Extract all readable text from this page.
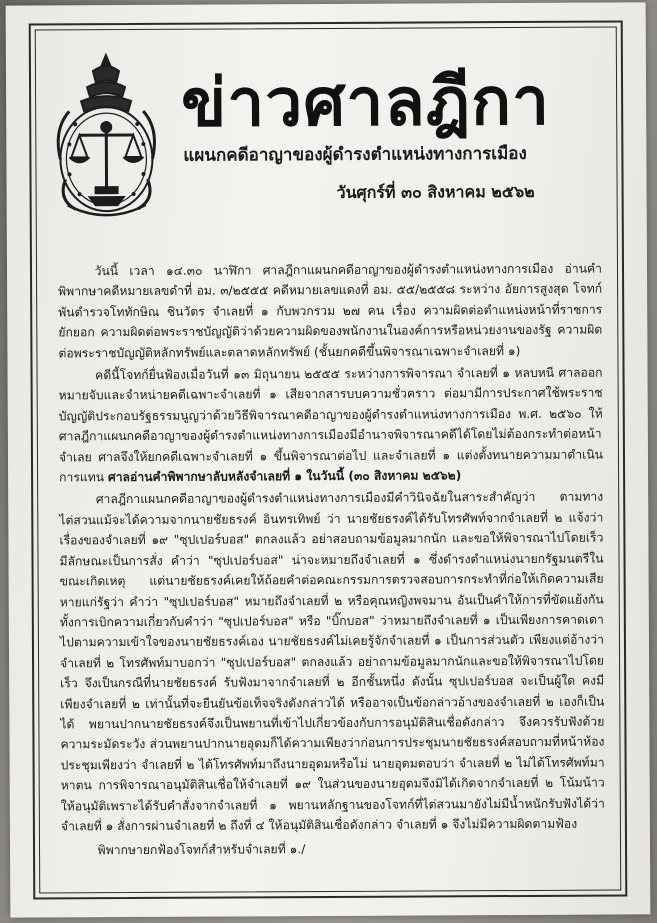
ข่าวศาลฎีกา
แผนกคดีอาญาของผู้ดำรงตำแหน่งทางการเมือง
วันศุกร์ที่ ๓๐ สิงหาคม ๒๕๖๒

วันนี้ เวลา ๑๔.๓๐ นาฬิกา ศาลฎีกาแผนกคดีอาญาของผู้ดำรงตำแหน่งทางการเมือง อ่านคำพิพากษาคดีหมายเลขดำที่ อม. ๓/๒๕๕๕ คดีหมายเลขแดงที่ อม. ๕๕/๒๕๕๘ ระหว่าง อัยการสูงสุด โจทก์ พันตำรวจโททักษิณ ชินวัตร จำเลยที่ ๑ กับพวกรวม ๒๗ คน เรื่อง ความผิดต่อตำแหน่งหน้าที่ราชการ ยักยอก ความผิดต่อพระราชบัญญัติว่าด้วยความผิดของพนักงานในองค์การหรือหน่วยงานของรัฐ ความผิดต่อพระราชบัญญัติหลักทรัพย์และตลาดหลักทรัพย์ (ชั้นยกคดีขึ้นพิจารณาเฉพาะจำเลยที่ ๑)

คดีนี้โจทก์ยื่นฟ้องเมื่อวันที่ ๑๓ มิถุนายน ๒๕๕๕ ระหว่างการพิจารณา จำเลยที่ ๑ หลบหนี ศาลออกหมายจับและจำหน่ายคดีเฉพาะจำเลยที่ ๑ เสียจากสารบบความชั่วคราว ต่อมามีการประกาศใช้พระราชบัญญัติประกอบรัฐธรรมนูญว่าด้วยวิธีพิจารณาคดีอาญาของผู้ดำรงตำแหน่งทางการเมือง พ.ศ. ๒๕๖๐ ให้ศาลฎีกาแผนกคดีอาญาของผู้ดำรงตำแหน่งทางการเมืองมีอำนาจพิจารณาคดีได้โดยไม่ต้องกระทำต่อหน้าจำเลย ศาลจึงให้ยกคดีเฉพาะจำเลยที่ ๑ ขึ้นพิจารณาต่อไป และจำเลยที่ ๑ แต่งตั้งทนายความมาดำเนินการแทน ศาลอ่านคำพิพากษาลับหลังจำเลยที่ ๑ ในวันนี้ (๓๐ สิงหาคม ๒๕๖๒)

ศาลฎีกาแผนกคดีอาญาของผู้ดำรงตำแหน่งทางการเมืองมีคำวินิจฉัยในสาระสำคัญว่า ตามทางไต่สวนแม้จะได้ความจากนายชัยธรงค์ อินทรเทิพย์ ว่า นายชัยธรงค์ได้รับโทรศัพท์จากจำเลยที่ ๒ แจ้งว่า เรื่องของจำเลยที่ ๑๙ "ซุปเปอร์บอส" ตกลงแล้ว อย่าสอบถามข้อมูลมากนัก และขอให้พิจารณาไปโดยเร็ว มีลักษณะเป็นการสั่ง คำว่า "ซุปเปอร์บอส" น่าจะหมายถึงจำเลยที่ ๑ ซึ่งดำรงตำแหน่งนายกรัฐมนตรีในขณะเกิดเหตุ แต่นายชัยธรงค์เคยให้ถ้อยคำต่อคณะกรรมการตรวจสอบการกระทำที่ก่อให้เกิดความเสียหายแก่รัฐว่า คำว่า "ซุปเปอร์บอส" หมายถึงจำเลยที่ ๒ หรือคุณหญิงพจมาน อันเป็นคำให้การที่ขัดแย้งกัน ทั้งการเบิกความเกี่ยวกับคำว่า "ซุปเปอร์บอส" หรือ "บิ๊กบอส" ว่าหมายถึงจำเลยที่ ๑ เป็นเพียงการคาดเดาไปตามความเข้าใจของนายชัยธรงค์เอง นายชัยธรงค์ไม่เคยรู้จักจำเลยที่ ๑ เป็นการส่วนตัว เพียงแต่อ้างว่าจำเลยที่ ๒ โทรศัพท์มาบอกว่า "ซุปเปอร์บอส" ตกลงแล้ว อย่าถามข้อมูลมากนักและขอให้พิจารณาไปโดยเร็ว จึงเป็นกรณีที่นายชัยธรงค์ รับฟังมาจากจำเลยที่ ๒ อีกชั้นหนึ่ง ดังนั้น ซุปเปอร์บอส จะเป็นผู้ใด คงมีเพียงจำเลยที่ ๒ เท่านั้นที่จะยืนยันข้อเท็จจริงดังกล่าวได้ หรืออาจเป็นข้อกล่าวอ้างของจำเลยที่ ๒ เองก็เป็นได้ พยานปากนายชัยธรงค์จึงเป็นพยานที่เข้าไปเกี่ยวข้องกับการอนุมัติสินเชื่อดังกล่าว จึงควรรับฟังด้วยความระมัดระวัง ส่วนพยานปากนายอุดมก็ได้ความเพียงว่าก่อนการประชุมนายชัยธรงค์สอบถามที่หน้าห้องประชุมเพียงว่า จำเลยที่ ๒ ได้โทรศัพท์มาถึงนายอุดมหรือไม่ นายอุดมตอบว่า จำเลยที่ ๒ ไม่ได้โทรศัพท์มาหาตน การพิจารณาอนุมัติสินเชื่อให้จำเลยที่ ๑๙ ในส่วนของนายอุดมจึงมิได้เกิดจากจำเลยที่ ๒ โน้มน้าวให้อนุมัติเพราะได้รับคำสั่งจากจำเลยที่ ๑ พยานหลักฐานของโจทก์ที่ไต่สวนมายังไม่มีน้ำหนักรับฟังได้ว่า จำเลยที่ ๑ สั่งการผ่านจำเลยที่ ๒ ถึงที่ ๔ ให้อนุมัติสินเชื่อดังกล่าว จำเลยที่ ๑ จึงไม่มีความผิดตามฟ้อง

พิพากษายกฟ้องโจทก์สำหรับจำเลยที่ ๑./
